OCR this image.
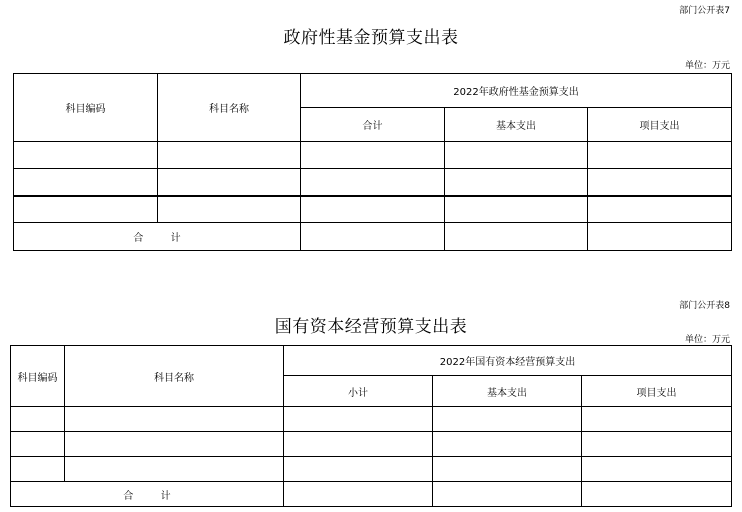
部门公开表7
政府性基金预算支出表
单位：万元
科目编码	科目名称	2022年政府性基金预算支出		
		合计	基本支出	项目支出

合 计				
部门公开表8
国有资本经营预算支出表
单位：万元
科目编码	科目名称	2022年国有资本经营预算支出		
		小计	基本支出	项目支出

合 计				
